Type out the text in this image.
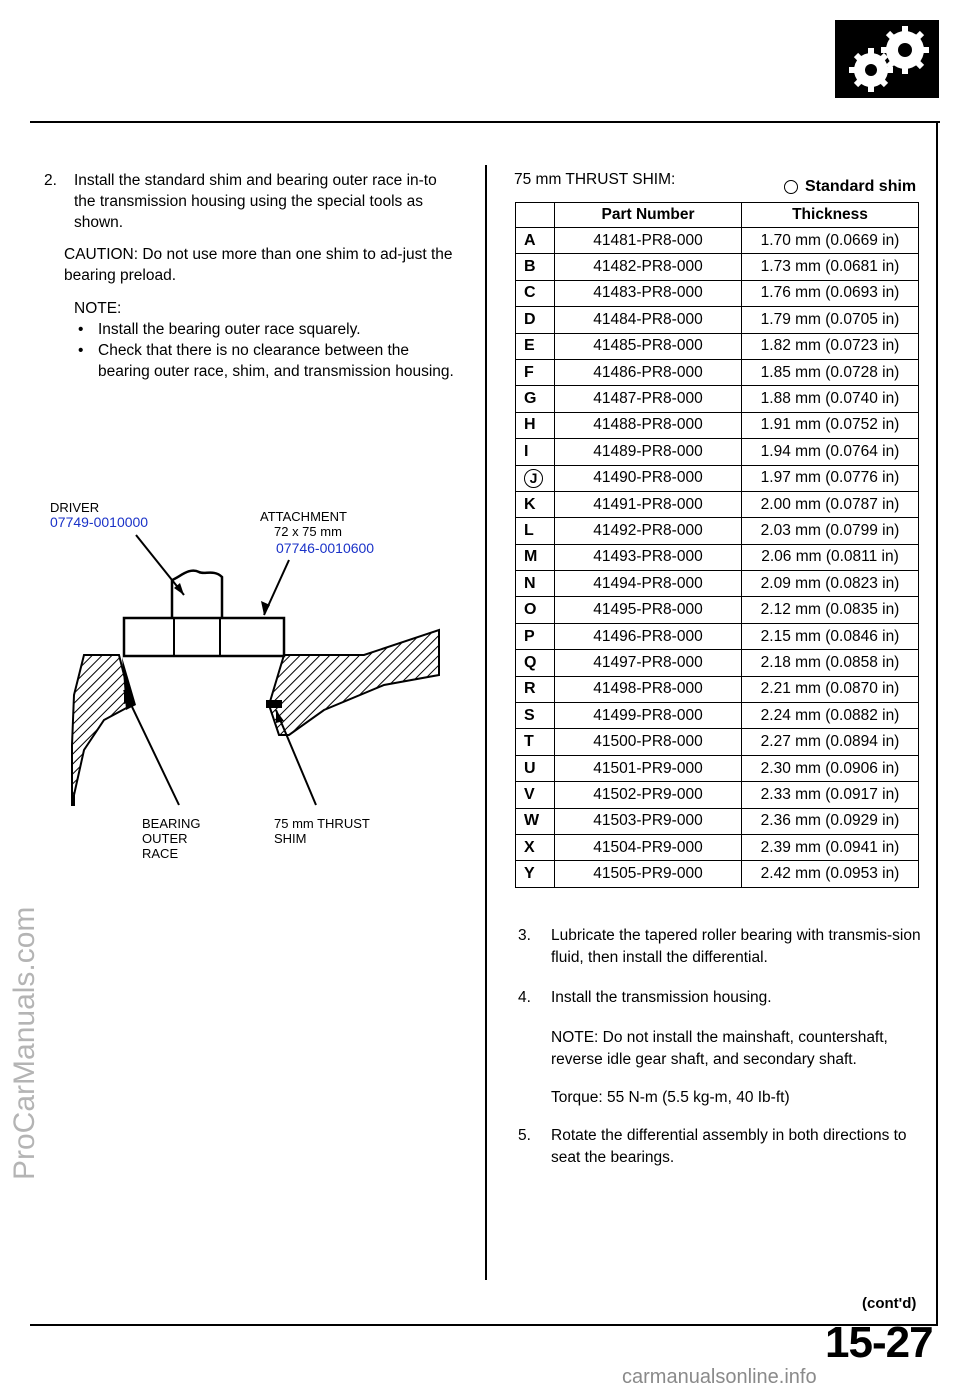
ProCarManuals.com
carmanualsonline.info
2. Install the standard shim and bearing outer race in-to the transmission housing using the special tools as shown.
CAUTION: Do not use more than one shim to ad-just the bearing preload.
NOTE:
• Install the bearing outer race squarely.
• Check that there is no clearance between the bearing outer race, shim, and transmission housing.
DRIVER
07749-0010000	ATTACHMENT
72 x 75 mm
07746-0010600
BEARING
OUTER
RACE
75 mm THRUST
SHIM
75 mm THRUST SHIM:	Standard shim
	Part Number	Thickness
A	41481-PR8-000	1.70 mm (0.0669 in)
B	41482-PR8-000	1.73 mm (0.0681 in)
C	41483-PR8-000	1.76 mm (0.0693 in)
D	41484-PR8-000	1.79 mm (0.0705 in)
E	41485-PR8-000	1.82 mm (0.0723 in)
F	41486-PR8-000	1.85 mm (0.0728 in)
G	41487-PR8-000	1.88 mm (0.0740 in)
H	41488-PR8-000	1.91 mm (0.0752 in)
I	41489-PR8-000	1.94 mm (0.0764 in)
J	41490-PR8-000	1.97 mm (0.0776 in)
K	41491-PR8-000	2.00 mm (0.0787 in)
L	41492-PR8-000	2.03 mm (0.0799 in)
M	41493-PR8-000	2.06 mm (0.0811 in)
N	41494-PR8-000	2.09 mm (0.0823 in)
O	41495-PR8-000	2.12 mm (0.0835 in)
P	41496-PR8-000	2.15 mm (0.0846 in)
Q	41497-PR8-000	2.18 mm (0.0858 in)
R	41498-PR8-000	2.21 mm (0.0870 in)
S	41499-PR8-000	2.24 mm (0.0882 in)
T	41500-PR8-000	2.27 mm (0.0894 in)
U	41501-PR9-000	2.30 mm (0.0906 in)
V	41502-PR9-000	2.33 mm (0.0917 in)
W	41503-PR9-000	2.36 mm (0.0929 in)
X	41504-PR9-000	2.39 mm (0.0941 in)
Y	41505-PR9-000	2.42 mm (0.0953 in)
3. Lubricate the tapered roller bearing with transmis-sion fluid, then install the differential.
4. Install the transmission housing.
NOTE: Do not install the mainshaft, countershaft, reverse idle gear shaft, and secondary shaft.
Torque: 55 N-m (5.5 kg-m, 40 Ib-ft)
5. Rotate the differential assembly in both directions to seat the bearings.
(cont'd)
15-27
